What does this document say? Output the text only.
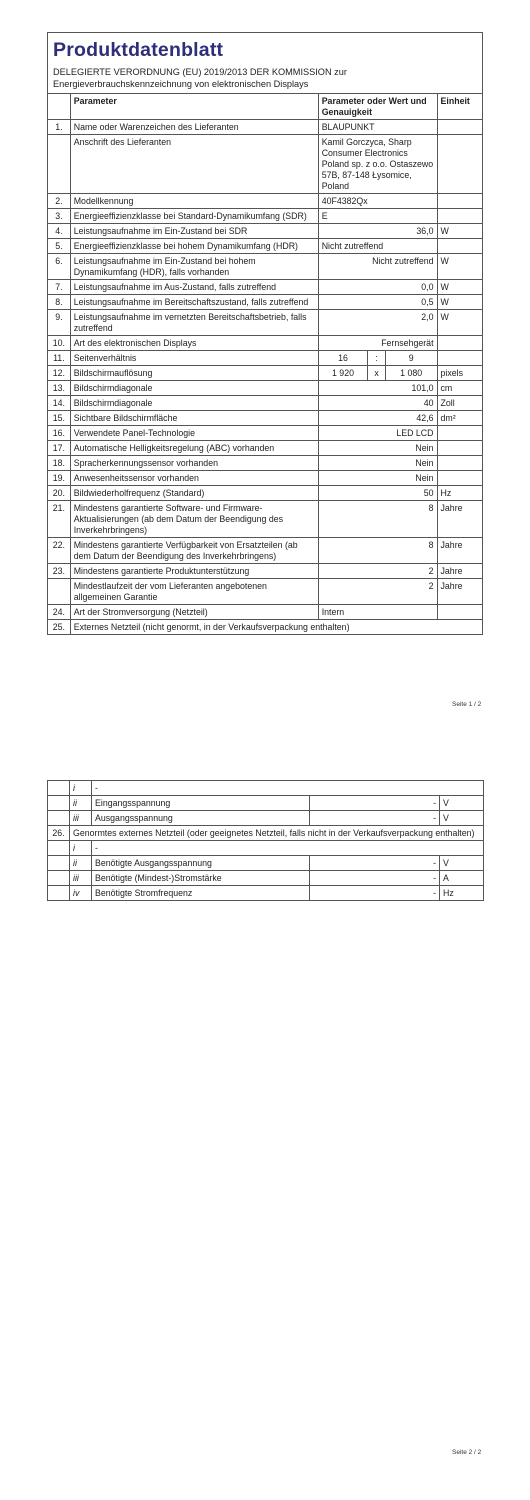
Produktdatenblatt
DELEGIERTE VERORDNUNG (EU) 2019/2013 DER KOMMISSION zur Energieverbrauchskennzeichnung von elektronischen Displays
	Parameter	Parameter oder Wert und Genauigkeit			Einheit
1.	Name oder Warenzeichen des Lieferanten	BLAUPUNKT			
	Anschrift des Lieferanten	Kamil Gorczyca, Sharp Consumer Electronics Poland sp. z o.o. Ostaszewo 57B, 87-148 Łysomice, Poland			
2.	Modellkennung	40F4382Qx			
3.	Energieeffizienzklasse bei Standard-Dynamikumfang (SDR)	E			
4.	Leistungsaufnahme im Ein-Zustand bei SDR	36,0			W
5.	Energieeffizienzklasse bei hohem Dynamikumfang (HDR)	Nicht zutreffend			
6.	Leistungsaufnahme im Ein-Zustand bei hohem Dynamikumfang (HDR), falls vorhanden	Nicht zutreffend			W
7.	Leistungsaufnahme im Aus-Zustand, falls zutreffend	0,0			W
8.	Leistungsaufnahme im Bereitschaftszustand, falls zutreffend	0,5			W
9.	Leistungsaufnahme im vernetzten Bereitschaftsbetrieb, falls zutreffend	2,0			W
10.	Art des elektronischen Displays	Fernsehgerät			
11.	Seitenverhältnis	16	:	9	
12.	Bildschirmauflösung	1 920	x	1 080	pixels
13.	Bildschirmdiagonale	101,0			cm
14.	Bildschirmdiagonale	40			Zoll
15.	Sichtbare Bildschirmfläche	42,6			dm²
16.	Verwendete Panel-Technologie	LED LCD			
17.	Automatische Helligkeitsregelung (ABC) vorhanden	Nein			
18.	Spracherkennungssensor vorhanden	Nein			
19.	Anwesenheitssensor vorhanden	Nein			
20.	Bildwiederholfrequenz (Standard)	50			Hz
21.	Mindestens garantierte Software- und Firmware-Aktualisierungen (ab dem Datum der Beendigung des Inverkehrbringens)	8			Jahre
22.	Mindestens garantierte Verfügbarkeit von Ersatzteilen (ab dem Datum der Beendigung des Inverkehrbringens)	8			Jahre
23.	Mindestens garantierte Produktunterstützung	2			Jahre
	Mindestlaufzeit der vom Lieferanten angebotenen allgemeinen Garantie	2			Jahre
24.	Art der Stromversorgung (Netzteil)	Intern			
25.	Externes Netzteil (nicht genormt, in der Verkaufsverpackung enthalten)				
Seite 1 / 2
	i	-		
	ii	Eingangsspannung	-	V
	iii	Ausgangsspannung	-	V
26.	Genormtes externes Netzteil (oder geeignetes Netzteil, falls nicht in der Verkaufsverpackung enthalten)			
	i	-		
	ii	Benötigte Ausgangsspannung	-	V
	iii	Benötigte (Mindest-)Stromstärke	-	A
	iv	Benötigte Stromfrequenz	-	Hz
Seite 2 / 2
